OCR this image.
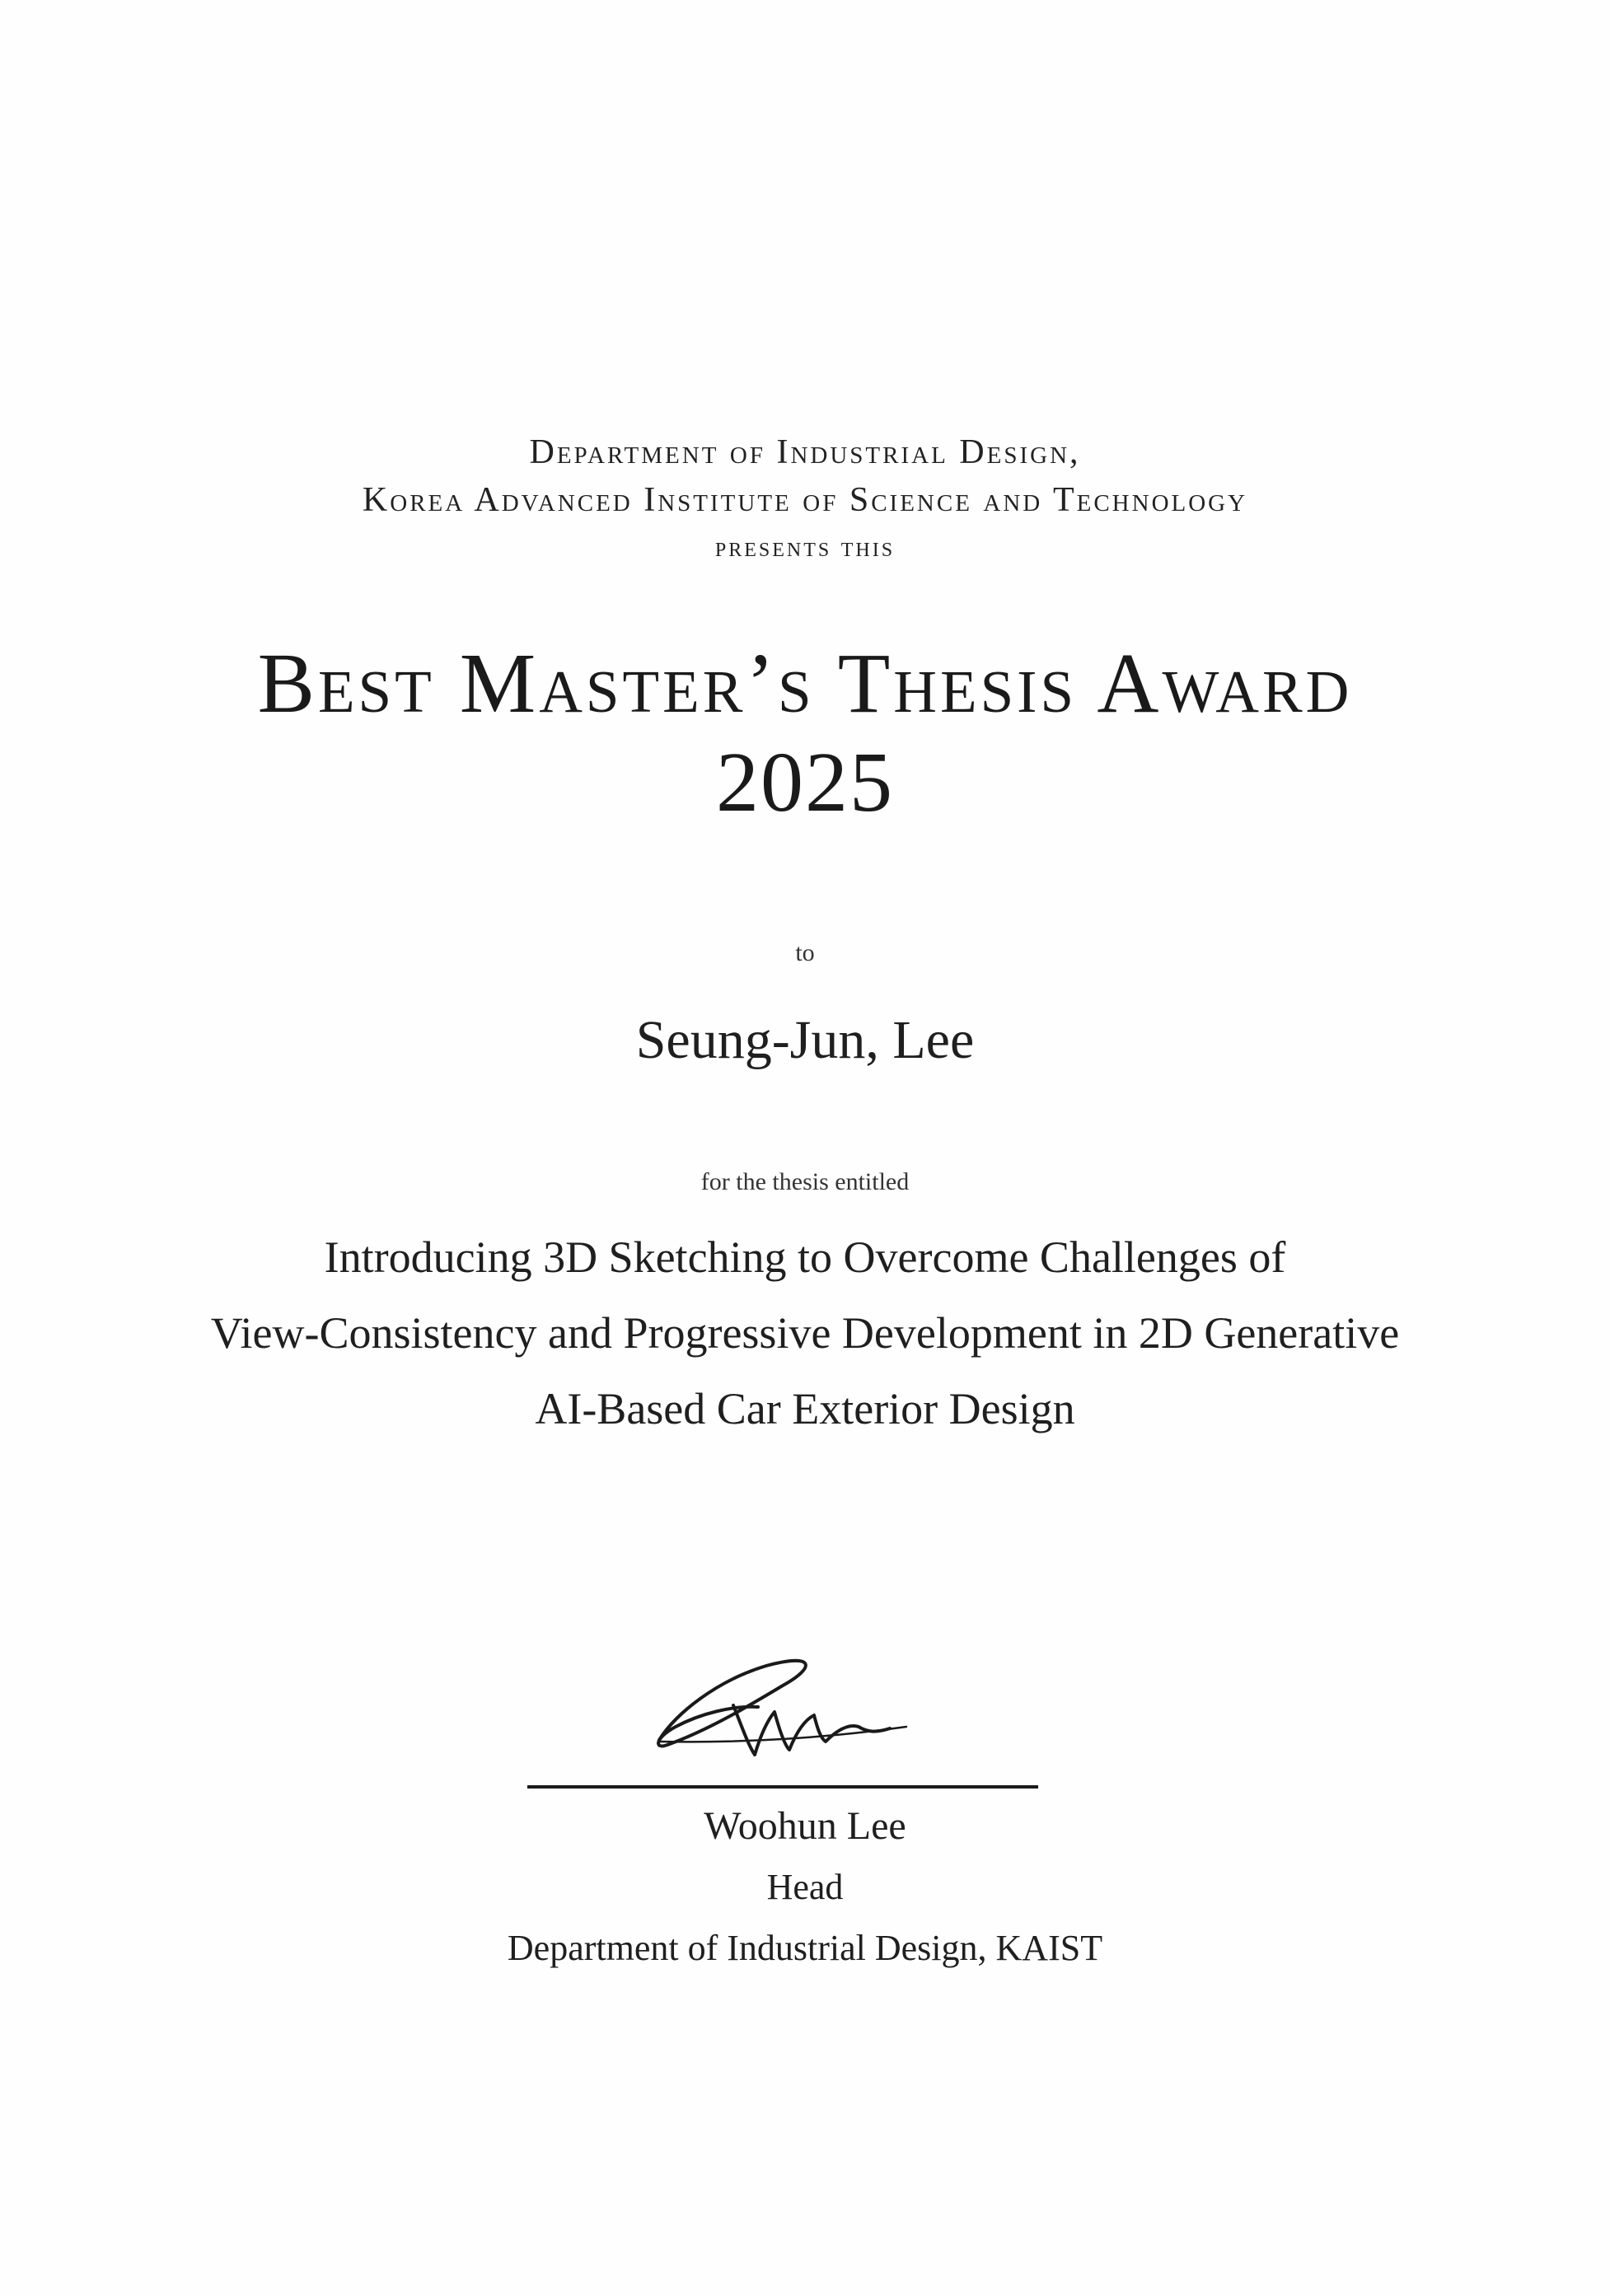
Department of Industrial Design,
Korea Advanced Institute of Science and Technology
presents this
Best Master’s Thesis Award
2025
to
Seung-Jun, Lee
for the thesis entitled
Introducing 3D Sketching to Overcome Challenges of
View-Consistency and Progressive Development in 2D Generative
AI-Based Car Exterior Design
Woohun Lee
Head
Department of Industrial Design, KAIST
